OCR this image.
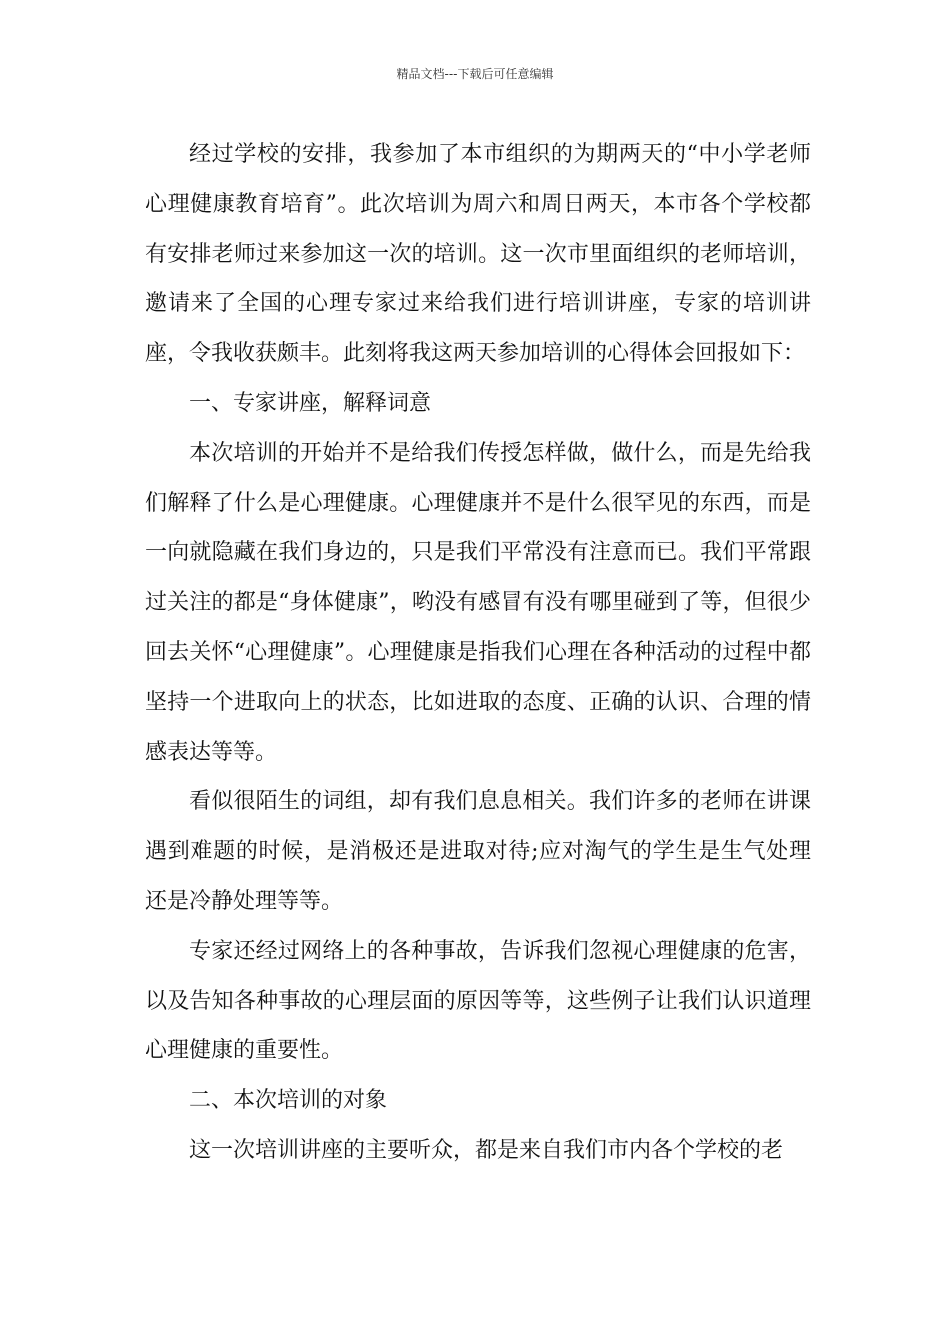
精品文档---下载后可任意编辑

经过学校的安排，我参加了本市组织的为期两天的“中小学老师心理健康教育培育”。此次培训为周六和周日两天，本市各个学校都有安排老师过来参加这一次的培训。这一次市里面组织的老师培训，邀请来了全国的心理专家过来给我们进行培训讲座，专家的培训讲座，令我收获颇丰。此刻将我这两天参加培训的心得体会回报如下：

一、专家讲座，解释词意

本次培训的开始并不是给我们传授怎样做，做什么，而是先给我们解释了什么是心理健康。心理健康并不是什么很罕见的东西，而是一向就隐藏在我们身边的，只是我们平常没有注意而已。我们平常跟过关注的都是“身体健康”，哟没有感冒有没有哪里碰到了等，但很少回去关怀“心理健康”。心理健康是指我们心理在各种活动的过程中都坚持一个进取向上的状态，比如进取的态度、正确的认识、合理的情感表达等等。

看似很陌生的词组，却有我们息息相关。我们许多的老师在讲课遇到难题的时候，是消极还是进取对待;应对淘气的学生是生气处理还是冷静处理等等。

专家还经过网络上的各种事故，告诉我们忽视心理健康的危害，以及告知各种事故的心理层面的原因等等，这些例子让我们认识道理心理健康的重要性。

二、本次培训的对象

这一次培训讲座的主要听众，都是来自我们市内各个学校的老
